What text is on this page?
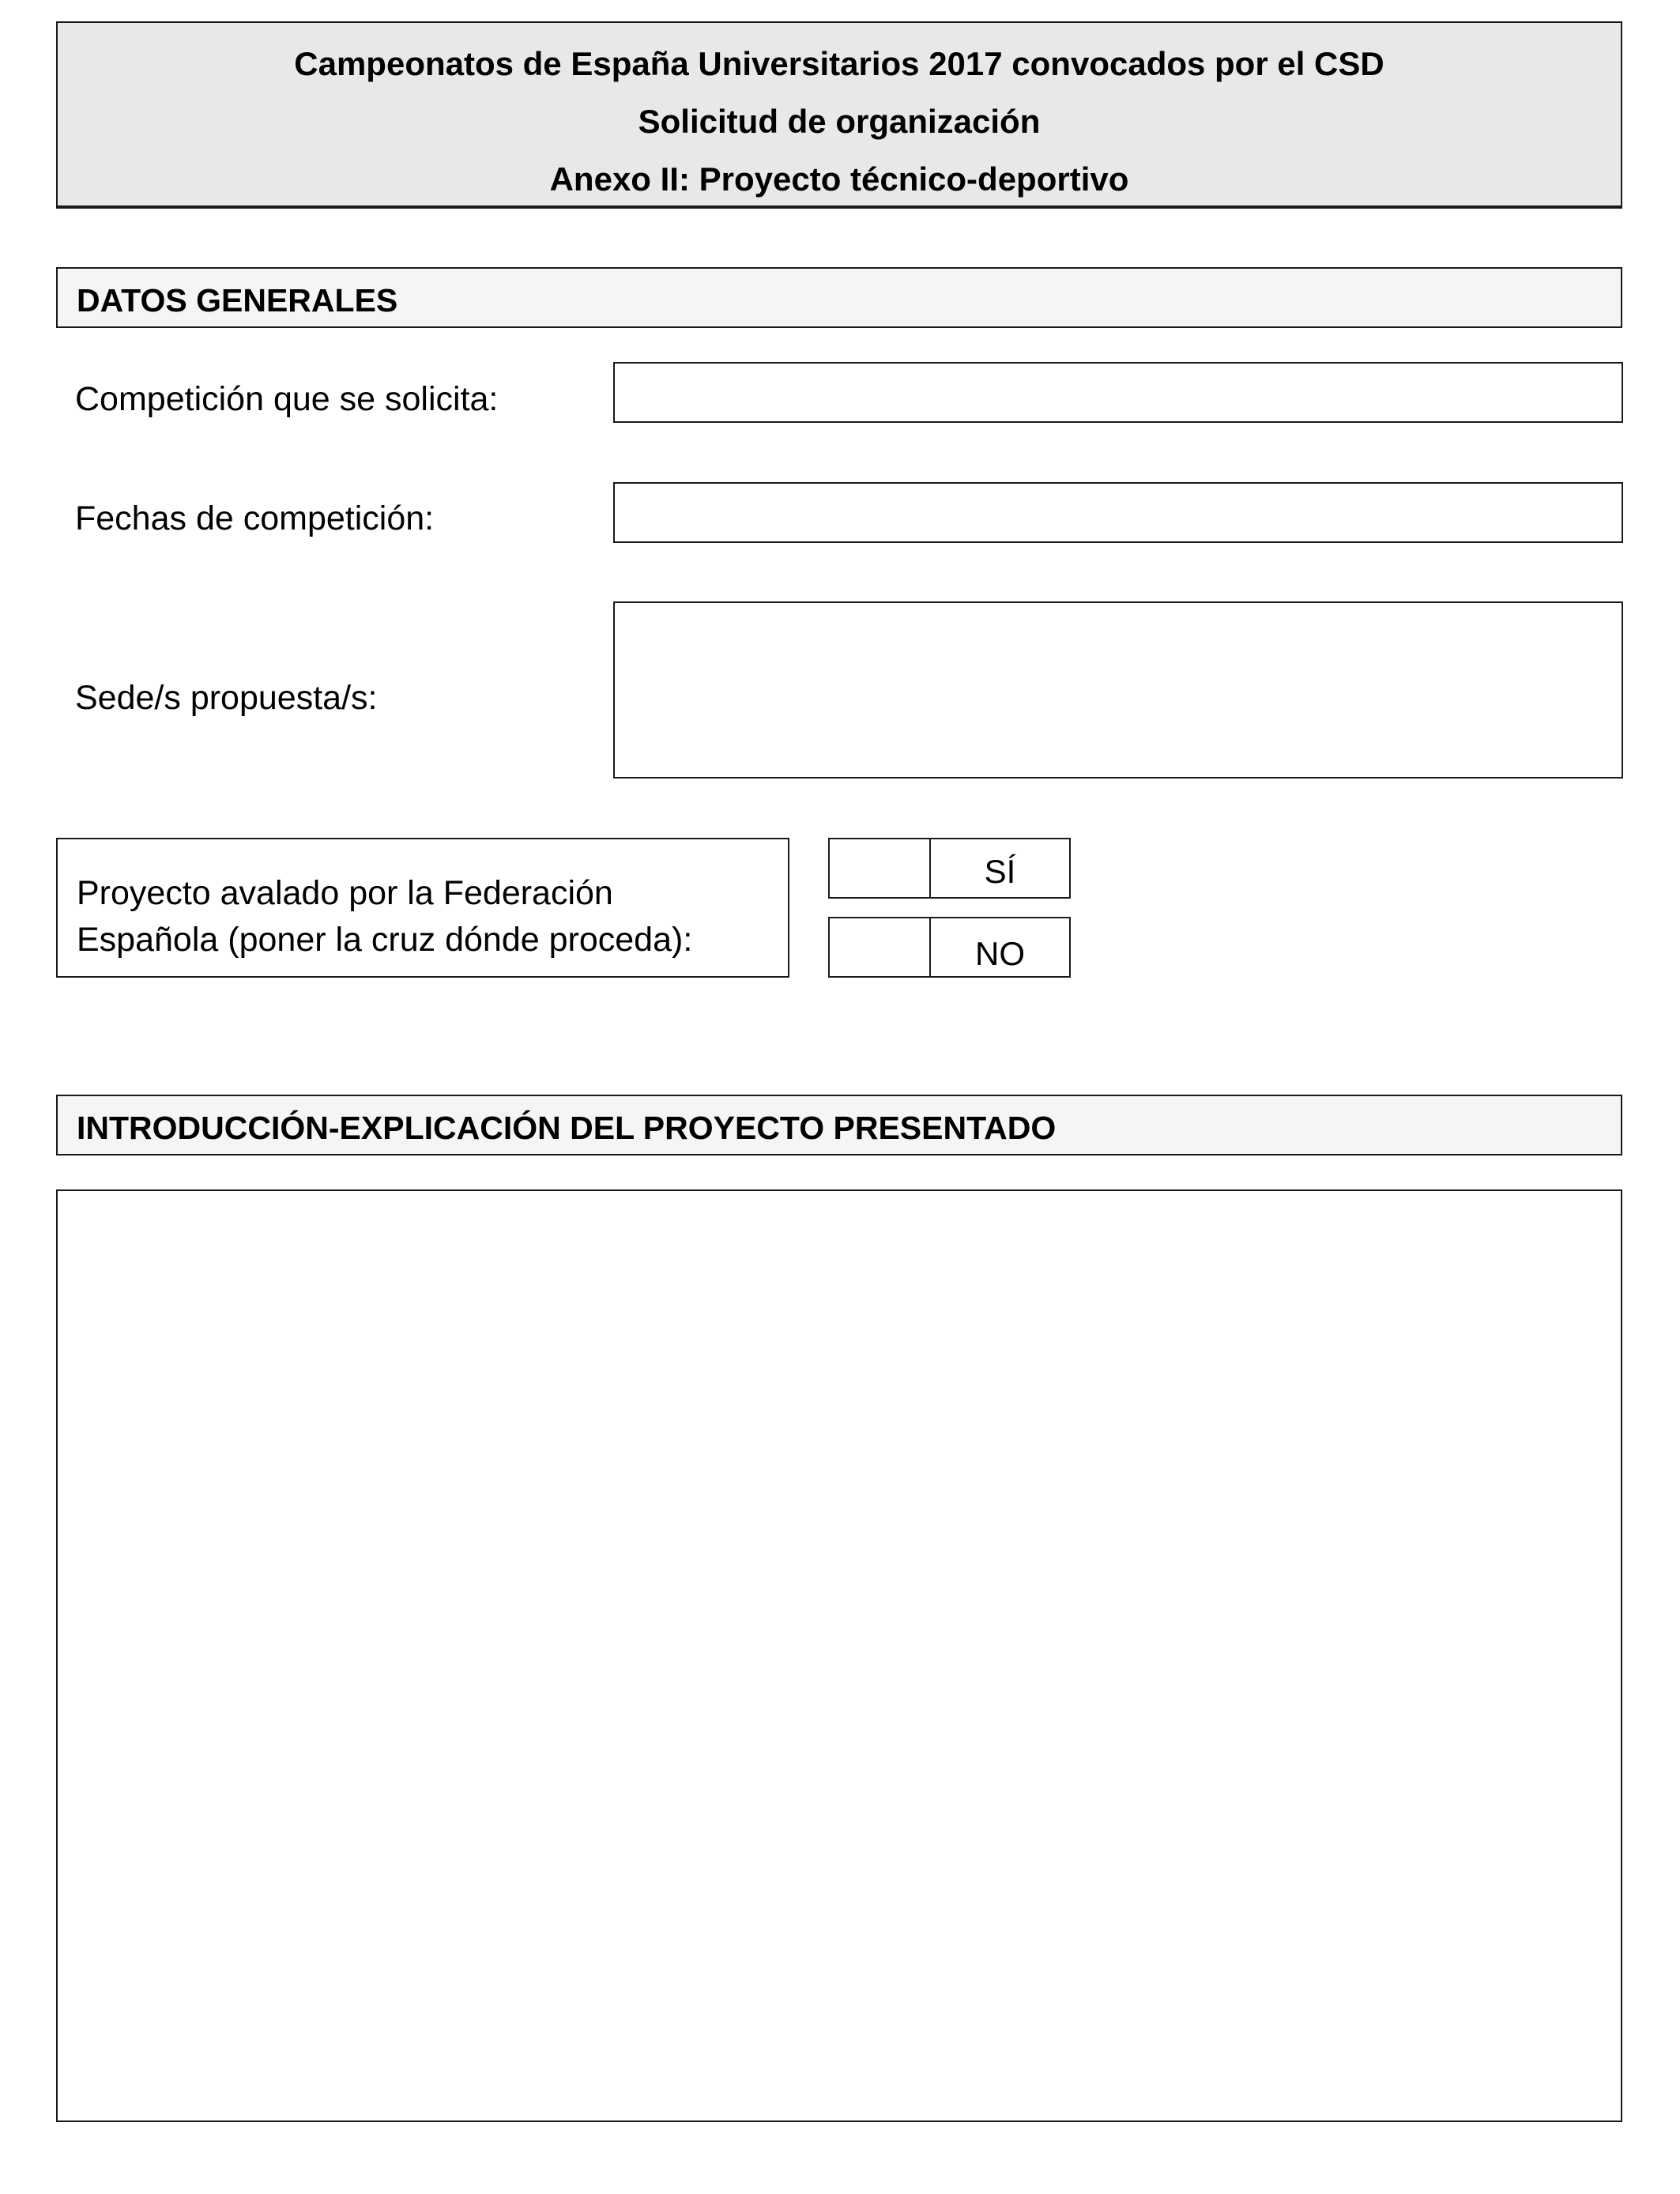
Campeonatos de España Universitarios 2017 convocados por el CSD
Solicitud de organización
Anexo II: Proyecto técnico-deportivo
DATOS GENERALES
Competición que se solicita:
Fechas de competición:
Sede/s propuesta/s:
Proyecto avalado por la Federación
Española (poner la cruz dónde proceda):
SÍ
NO
INTRODUCCIÓN-EXPLICACIÓN DEL PROYECTO PRESENTADO
